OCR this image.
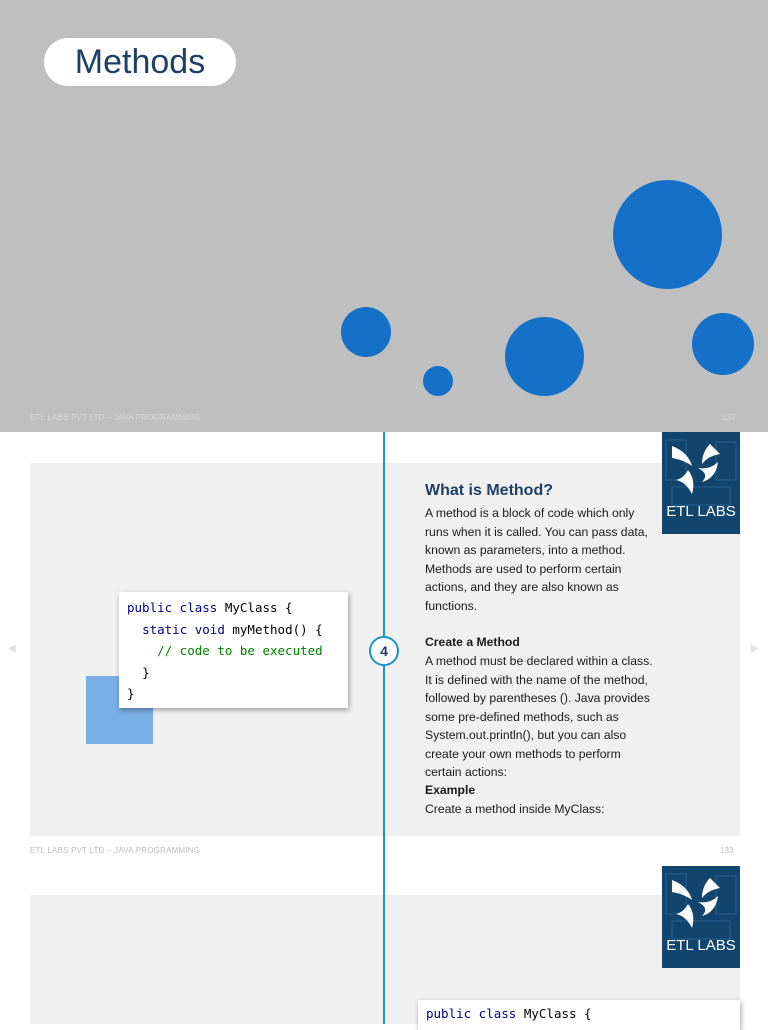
Methods
ETL LABS PVT LTD – JAVA PROGRAMMING	132
◀	▶
public class MyClass {
static void myMethod() {
// code to be executed
}
}
4
ETL LABS
What is Method?
A method is a block of code which only runs when it is called. You can pass data, known as parameters, into a method. Methods are used to perform certain actions, and they are also known as functions.
Create a Method
A method must be declared within a class. It is defined with the name of the method, followed by parentheses (). Java provides some pre-defined methods, such as System.out.println(), but you can also create your own methods to perform certain actions:
Example
Create a method inside MyClass:
ETL LABS PVT LTD – JAVA PROGRAMMING	133
ETL LABS
public class MyClass {
